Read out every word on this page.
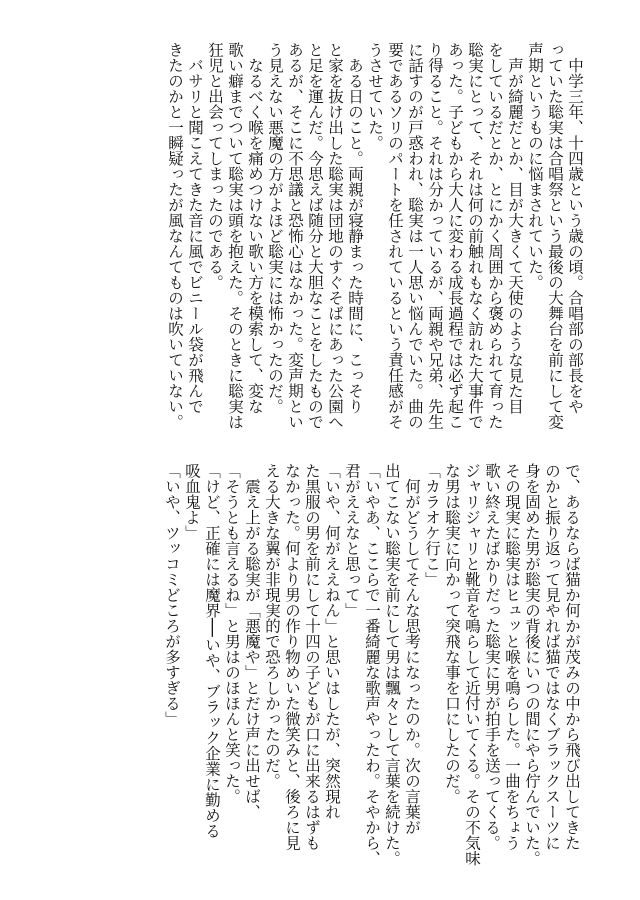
　中学三年、十四歳という歳の頃。合唱部の部長をや
っていた聡実は合唱祭という最後の大舞台を前にして変
声期というものに悩まされていた。
　声が綺麗だとか、目が大きくて天使のような見た目
をしているだとか、とにかく周囲から褒められて育った
聡実にとって、それは何の前触れもなく訪れた大事件で
あった。子どもから大人に変わる成長過程では必ず起こ
り得ること。それは分かっているが、両親や兄弟、先生
に話すのが戸惑われ、聡実は一人思い悩んでいた。曲の
要であるソリのパートを任されているという責任感がそ
うさせていた。
　ある日のこと。両親が寝静まった時間に、こっそり
と家を抜け出した聡実は団地のすぐそばにあった公園へ
と足を運んだ。今思えば随分と大胆なことをしたもので
あるが、そこに不思議と恐怖心はなかった。変声期とい
う見えない悪魔の方がよほど聡実には怖かったのだ。
　なるべく喉を痛めつけない歌い方を模索して、変な
歌い癖までついて聡実は頭を抱えた。そのときに聡実は
狂児と出会ってしまったのである。
　バサリと聞こえてきた音に風でビニール袋が飛んで
きたのかと一瞬疑ったが風なんてものは吹いていない。
で、あるならば猫か何かが茂みの中から飛び出してきた
のかと振り返って見やれば猫ではなくブラックスーツに
身を固めた男が聡実の背後にいつの間にやら佇んでいた。
その現実に聡実はヒュッと喉を鳴らした。一曲をちょう
歌い終えたばかりだった聡実に男が拍手を送ってくる。
ジャリジャリと靴音を鳴らして近付いてくる。その不気味
な男は聡実に向かって突飛な事を口にしたのだ。
「カラオケ行こ」
　何がどうしてそんな思考になったのか。次の言葉が
出てこない聡実を前にして男は飄々として言葉を続けた。
「いやあ、ここらで一番綺麗な歌声やったわ。そやから、
君がええなと思って」
「いや、何がええねん」と思いはしたが、突然現れ
た黒服の男を前にして十四の子どもが口に出来るはずも
なかった。何より男の作り物めいた微笑みと、後ろに見
える大きな翼が非現実的で恐ろしかったのだ。
　震え上がる聡実が「悪魔や」とだけ声に出せば、
「そうとも言えるね」と男はのほほんと笑った。
「けど、正確には魔界──いや、ブラック企業に勤める
吸血鬼よ」
「いや、ツッコミどころが多すぎる」
